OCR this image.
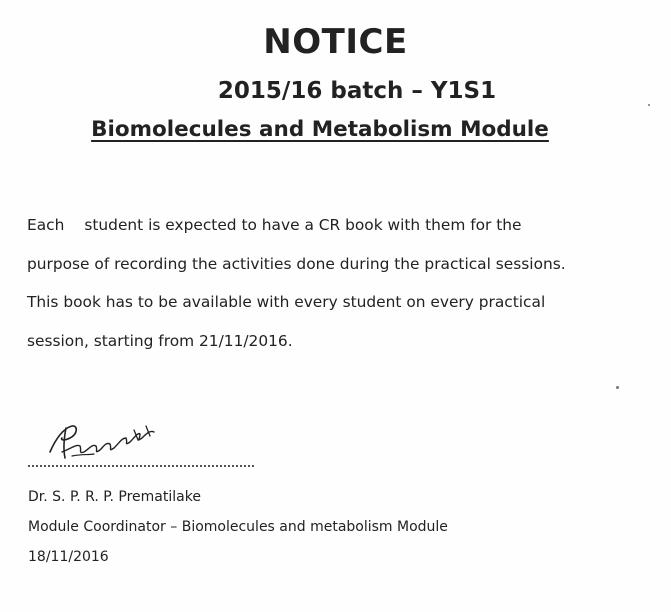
NOTICE
2015/16 batch – Y1S1
Biomolecules and Metabolism Module

Each student is expected to have a CR book with them for the
purpose of recording the activities done during the practical sessions.
This book has to be available with every student on every practical
session, starting from 21/11/2016.

Dr. S. P. R. P. Prematilake
Module Coordinator – Biomolecules and metabolism Module
18/11/2016
